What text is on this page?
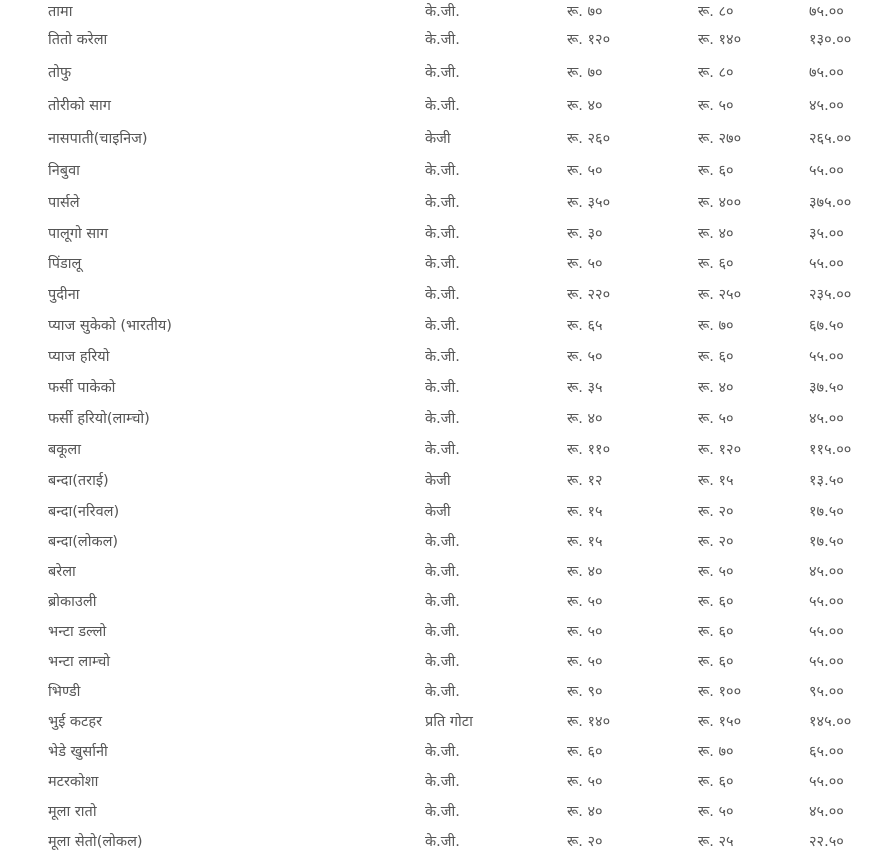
तामा	के.जी.	रू. ७०	रू. ८०	७५.००
तितो करेला	के.जी.	रू. १२०	रू. १४०	१३०.००
तोफु	के.जी.	रू. ७०	रू. ८०	७५.००
तोरीको साग	के.जी.	रू. ४०	रू. ५०	४५.००
नासपाती(चाइनिज)	केजी	रू. २६०	रू. २७०	२६५.००
निबुवा	के.जी.	रू. ५०	रू. ६०	५५.००
पार्सले	के.जी.	रू. ३५०	रू. ४००	३७५.००
पालूगो साग	के.जी.	रू. ३०	रू. ४०	३५.००
पिंडालू	के.जी.	रू. ५०	रू. ६०	५५.००
पुदीना	के.जी.	रू. २२०	रू. २५०	२३५.००
प्याज सुकेको (भारतीय)	के.जी.	रू. ६५	रू. ७०	६७.५०
प्याज हरियो	के.जी.	रू. ५०	रू. ६०	५५.००
फर्सी पाकेको	के.जी.	रू. ३५	रू. ४०	३७.५०
फर्सी हरियो(लाम्चो)	के.जी.	रू. ४०	रू. ५०	४५.००
बकूला	के.जी.	रू. ११०	रू. १२०	११५.००
बन्दा(तराई)	केजी	रू. १२	रू. १५	१३.५०
बन्दा(नरिवल)	केजी	रू. १५	रू. २०	१७.५०
बन्दा(लोकल)	के.जी.	रू. १५	रू. २०	१७.५०
बरेला	के.जी.	रू. ४०	रू. ५०	४५.००
ब्रोकाउली	के.जी.	रू. ५०	रू. ६०	५५.००
भन्टा डल्लो	के.जी.	रू. ५०	रू. ६०	५५.००
भन्टा लाम्चो	के.जी.	रू. ५०	रू. ६०	५५.००
भिण्डी	के.जी.	रू. ९०	रू. १००	९५.००
भुई कटहर	प्रति गोटा	रू. १४०	रू. १५०	१४५.००
भेडे खुर्सानी	के.जी.	रू. ६०	रू. ७०	६५.००
मटरकोशा	के.जी.	रू. ५०	रू. ६०	५५.००
मूला रातो	के.जी.	रू. ४०	रू. ५०	४५.००
मूला सेतो(लोकल)	के.जी.	रू. २०	रू. २५	२२.५०
